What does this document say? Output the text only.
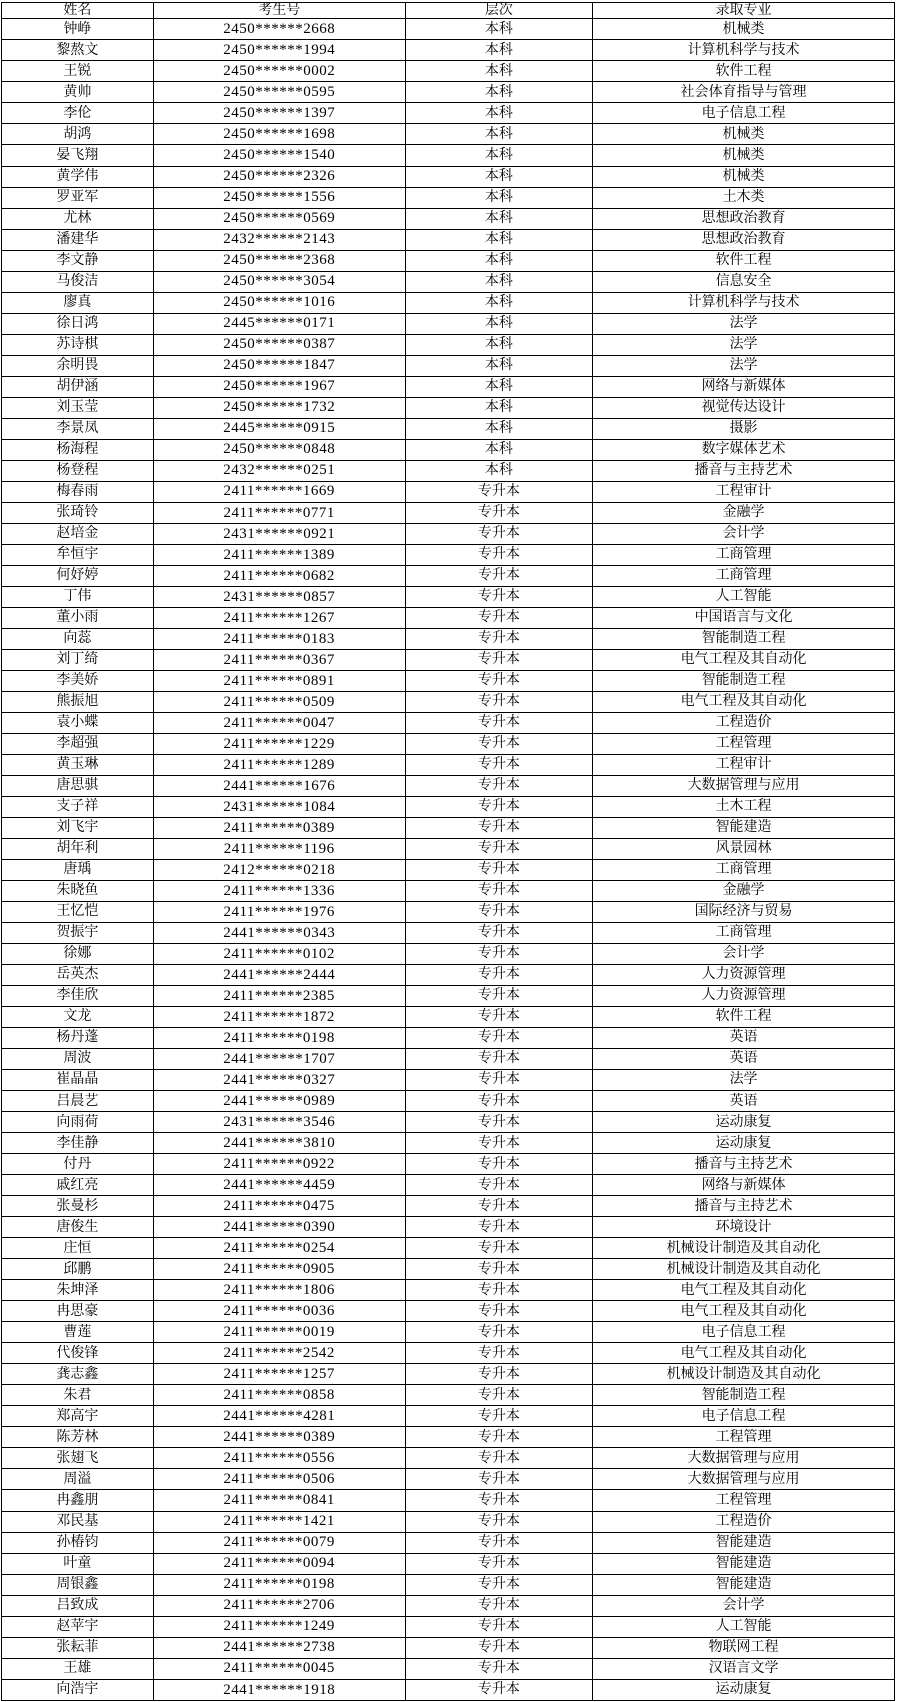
姓名	考生号	层次	录取专业
钟峥	2450******2668	本科	机械类
黎熬文	2450******1994	本科	计算机科学与技术
王锐	2450******0002	本科	软件工程
黄帅	2450******0595	本科	社会体育指导与管理
李伦	2450******1397	本科	电子信息工程
胡鸿	2450******1698	本科	机械类
晏飞翔	2450******1540	本科	机械类
黄学伟	2450******2326	本科	机械类
罗亚军	2450******1556	本科	土木类
尤林	2450******0569	本科	思想政治教育
潘建华	2432******2143	本科	思想政治教育
李文静	2450******2368	本科	软件工程
马俊洁	2450******3054	本科	信息安全
廖真	2450******1016	本科	计算机科学与技术
徐日鸿	2445******0171	本科	法学
苏诗棋	2450******0387	本科	法学
余明畏	2450******1847	本科	法学
胡伊涵	2450******1967	本科	网络与新媒体
刘玉莹	2450******1732	本科	视觉传达设计
李景凤	2445******0915	本科	摄影
杨海程	2450******0848	本科	数字媒体艺术
杨登程	2432******0251	本科	播音与主持艺术
梅春雨	2411******1669	专升本	工程审计
张琦铃	2411******0771	专升本	金融学
赵培金	2431******0921	专升本	会计学
牟恒宇	2411******1389	专升本	工商管理
何妤婷	2411******0682	专升本	工商管理
丁伟	2431******0857	专升本	人工智能
董小雨	2411******1267	专升本	中国语言与文化
向蕊	2411******0183	专升本	智能制造工程
刘丁绮	2411******0367	专升本	电气工程及其自动化
李美娇	2411******0891	专升本	智能制造工程
熊振旭	2411******0509	专升本	电气工程及其自动化
袁小蝶	2411******0047	专升本	工程造价
李超强	2411******1229	专升本	工程管理
黄玉琳	2411******1289	专升本	工程审计
唐思骐	2441******1676	专升本	大数据管理与应用
支子祥	2431******1084	专升本	土木工程
刘飞宇	2411******0389	专升本	智能建造
胡年利	2411******1196	专升本	风景园林
唐瑀	2412******0218	专升本	工商管理
朱晓鱼	2411******1336	专升本	金融学
王忆恺	2411******1976	专升本	国际经济与贸易
贺振宇	2441******0343	专升本	工商管理
徐娜	2411******0102	专升本	会计学
岳英杰	2441******2444	专升本	人力资源管理
李佳欣	2411******2385	专升本	人力资源管理
文龙	2411******1872	专升本	软件工程
杨丹蓬	2411******0198	专升本	英语
周波	2441******1707	专升本	英语
崔晶晶	2441******0327	专升本	法学
吕晨艺	2441******0989	专升本	英语
向雨荷	2431******3546	专升本	运动康复
李佳静	2441******3810	专升本	运动康复
付丹	2411******0922	专升本	播音与主持艺术
戚红亮	2441******4459	专升本	网络与新媒体
张曼杉	2411******0475	专升本	播音与主持艺术
唐俊生	2441******0390	专升本	环境设计
庄恒	2411******0254	专升本	机械设计制造及其自动化
邱鹏	2411******0905	专升本	机械设计制造及其自动化
朱坤泽	2411******1806	专升本	电气工程及其自动化
冉思豪	2411******0036	专升本	电气工程及其自动化
曹莲	2411******0019	专升本	电子信息工程
代俊锋	2411******2542	专升本	电气工程及其自动化
龚志鑫	2411******1257	专升本	机械设计制造及其自动化
朱君	2411******0858	专升本	智能制造工程
郑高宇	2441******4281	专升本	电子信息工程
陈芳林	2441******0389	专升本	工程管理
张翅飞	2411******0556	专升本	大数据管理与应用
周溢	2411******0506	专升本	大数据管理与应用
冉鑫朋	2411******0841	专升本	工程管理
邓民基	2411******1421	专升本	工程造价
孙椿钧	2411******0079	专升本	智能建造
叶童	2411******0094	专升本	智能建造
周银鑫	2411******0198	专升本	智能建造
吕致成	2411******2706	专升本	会计学
赵苹宇	2411******1249	专升本	人工智能
张耘菲	2441******2738	专升本	物联网工程
王雄	2411******0045	专升本	汉语言文学
向浩宇	2441******1918	专升本	运动康复
